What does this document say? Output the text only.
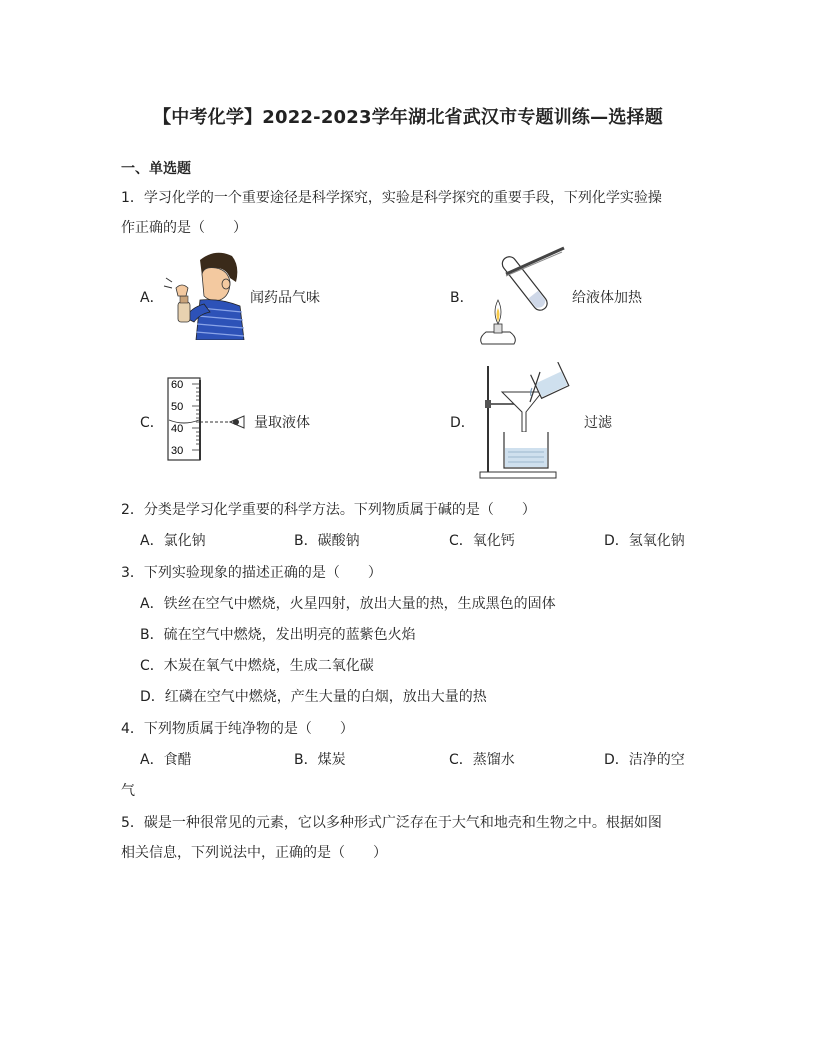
【中考化学】2022-2023学年湖北省武汉市专题训练—选择题
一、单选题
1．学习化学的一个重要途径是科学探究，实验是科学探究的重要手段，下列化学实验操
作正确的是（　　）
A．	闻药品气味	B．	给液体加热
C．
60
50
40
30
量取液体	D．	过滤
2．分类是学习化学重要的科学方法。下列物质属于碱的是（　　）
A．氯化钠	B．碳酸钠	C．氧化钙	D．氢氧化钠
3．下列实验现象的描述正确的是（　　）
A．铁丝在空气中燃烧，火星四射，放出大量的热，生成黑色的固体
B．硫在空气中燃烧，发出明亮的蓝紫色火焰
C．木炭在氧气中燃烧，生成二氧化碳
D．红磷在空气中燃烧，产生大量的白烟，放出大量的热
4．下列物质属于纯净物的是（　　）
A．食醋	B．煤炭	C．蒸馏水	D．洁净的空
气
5．碳是一种很常见的元素，它以多种形式广泛存在于大气和地壳和生物之中。根据如图
相关信息，下列说法中，正确的是（　　）
